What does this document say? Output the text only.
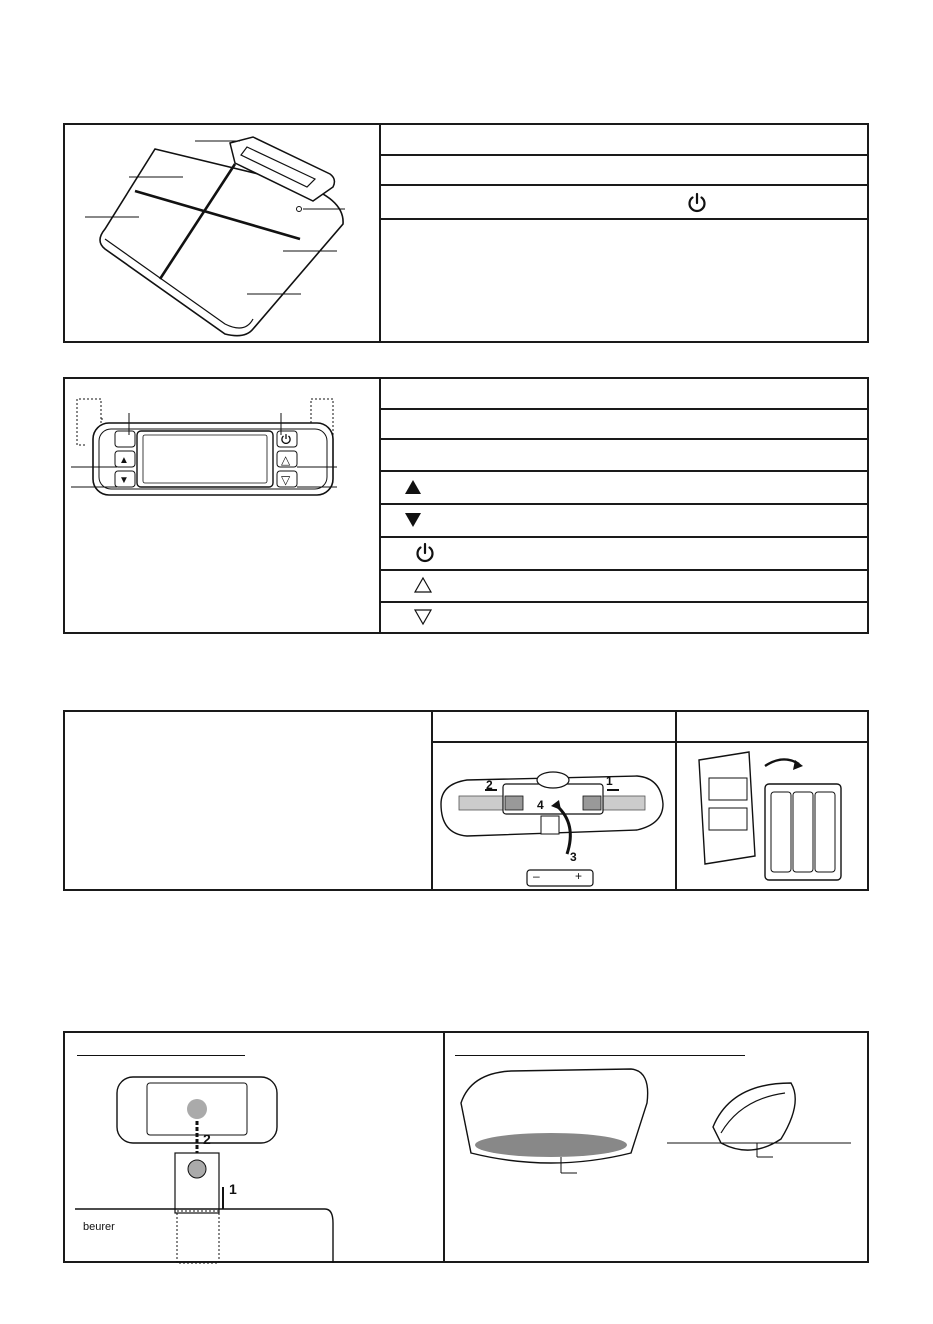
▲
▼
△
▽
1
2
3
4
+
–
beurer
2
1
